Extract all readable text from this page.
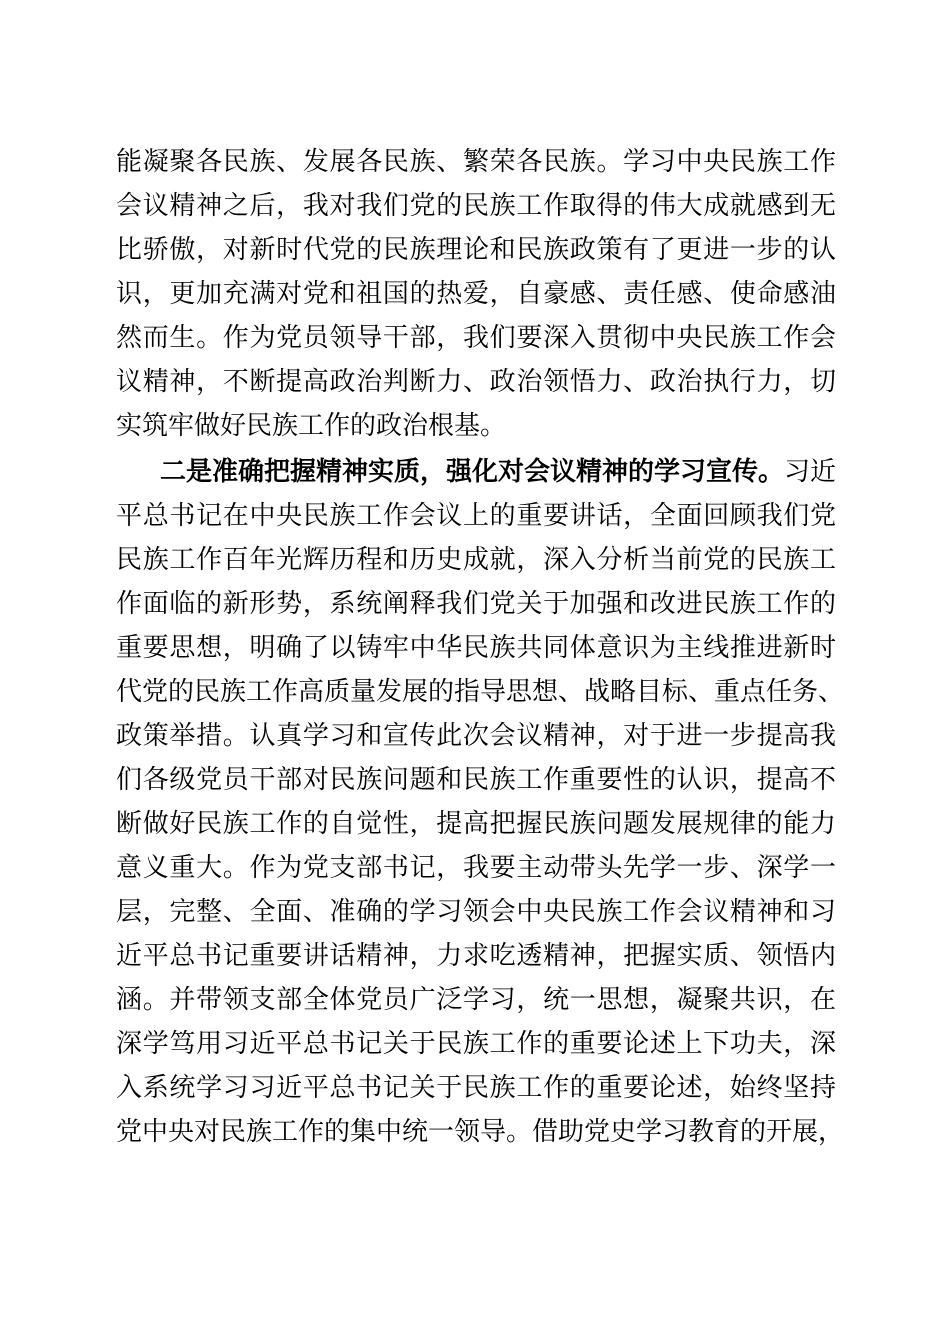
能凝聚各民族、发展各民族、繁荣各民族。学习中央民族工作
会议精神之后，我对我们党的民族工作取得的伟大成就感到无
比骄傲，对新时代党的民族理论和民族政策有了更进一步的认
识，更加充满对党和祖国的热爱，自豪感、责任感、使命感油
然而生。作为党员领导干部，我们要深入贯彻中央民族工作会
议精神，不断提高政治判断力、政治领悟力、政治执行力，切
实筑牢做好民族工作的政治根基。
二是准确把握精神实质，强化对会议精神的学习宣传。习近
平总书记在中央民族工作会议上的重要讲话，全面回顾我们党
民族工作百年光辉历程和历史成就，深入分析当前党的民族工
作面临的新形势，系统阐释我们党关于加强和改进民族工作的
重要思想，明确了以铸牢中华民族共同体意识为主线推进新时
代党的民族工作高质量发展的指导思想、战略目标、重点任务、
政策举措。认真学习和宣传此次会议精神，对于进一步提高我
们各级党员干部对民族问题和民族工作重要性的认识，提高不
断做好民族工作的自觉性，提高把握民族问题发展规律的能力
意义重大。作为党支部书记，我要主动带头先学一步、深学一
层，完整、全面、准确的学习领会中央民族工作会议精神和习
近平总书记重要讲话精神，力求吃透精神，把握实质、领悟内
涵。并带领支部全体党员广泛学习，统一思想，凝聚共识，在
深学笃用习近平总书记关于民族工作的重要论述上下功夫，深
入系统学习习近平总书记关于民族工作的重要论述，始终坚持
党中央对民族工作的集中统一领导。借助党史学习教育的开展，
